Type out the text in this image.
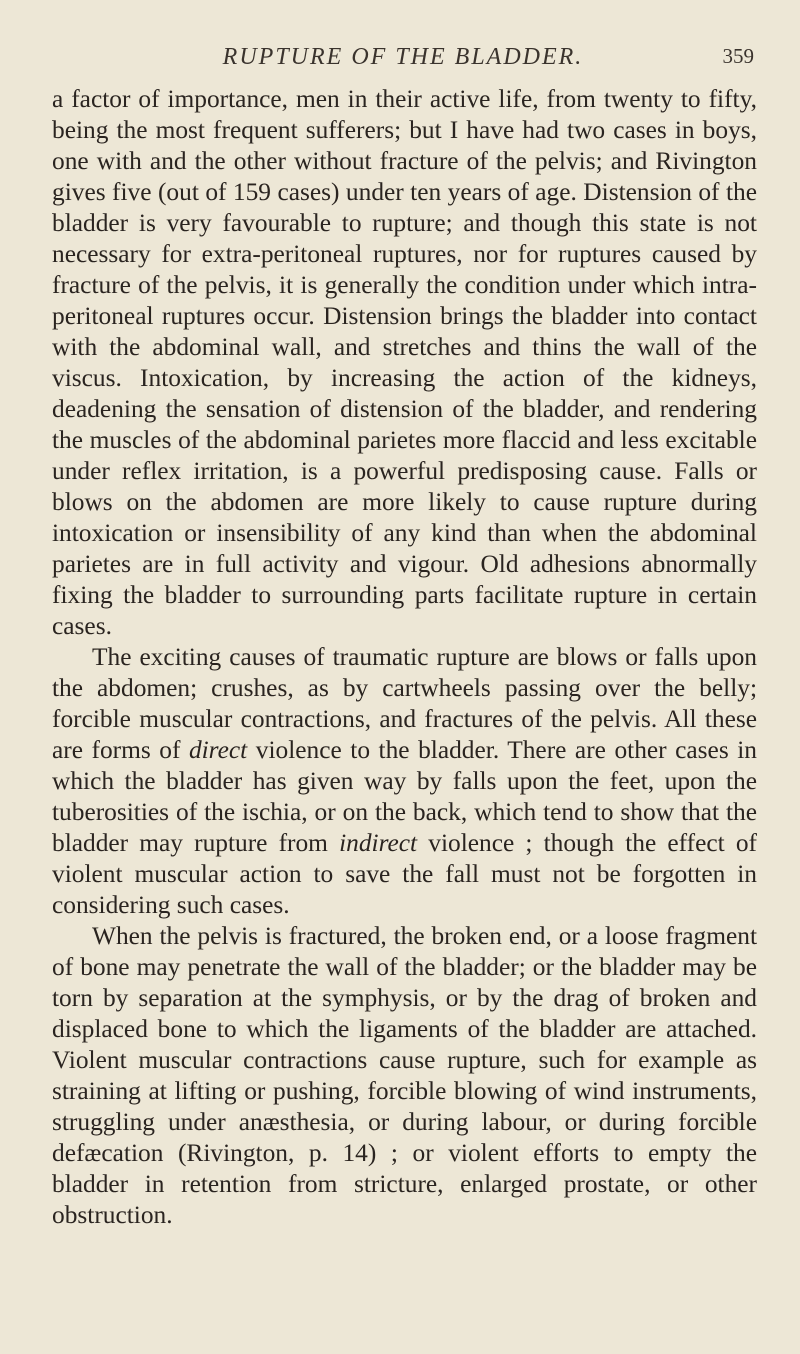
RUPTURE OF THE BLADDER.	359

a factor of importance, men in their active life, from twenty to fifty, being the most frequent sufferers; but I have had two cases in boys, one with and the other without fracture of the pelvis; and Rivington gives five (out of 159 cases) under ten years of age. Distension of the bladder is very favourable to rupture; and though this state is not necessary for extra-peritoneal ruptures, nor for ruptures caused by fracture of the pelvis, it is generally the condition under which intra-peritoneal ruptures occur. Distension brings the bladder into contact with the abdominal wall, and stretches and thins the wall of the viscus. Intoxication, by increasing the action of the kidneys, deadening the sensation of distension of the bladder, and rendering the muscles of the abdominal parietes more flaccid and less excitable under reflex irritation, is a powerful predisposing cause. Falls or blows on the abdomen are more likely to cause rupture during intoxication or insensibility of any kind than when the abdominal parietes are in full activity and vigour. Old adhesions abnormally fixing the bladder to surrounding parts facilitate rupture in certain cases.

The exciting causes of traumatic rupture are blows or falls upon the abdomen; crushes, as by cartwheels passing over the belly; forcible muscular contractions, and fractures of the pelvis. All these are forms of direct violence to the bladder. There are other cases in which the bladder has given way by falls upon the feet, upon the tuberosities of the ischia, or on the back, which tend to show that the bladder may rupture from indirect violence ; though the effect of violent muscular action to save the fall must not be forgotten in considering such cases.

When the pelvis is fractured, the broken end, or a loose fragment of bone may penetrate the wall of the bladder; or the bladder may be torn by separation at the symphysis, or by the drag of broken and displaced bone to which the ligaments of the bladder are attached. Violent muscular contractions cause rupture, such for example as straining at lifting or pushing, forcible blowing of wind instruments, struggling under anæsthesia, or during labour, or during forcible defæcation (Rivington, p. 14) ; or violent efforts to empty the bladder in retention from stricture, enlarged prostate, or other obstruction.
